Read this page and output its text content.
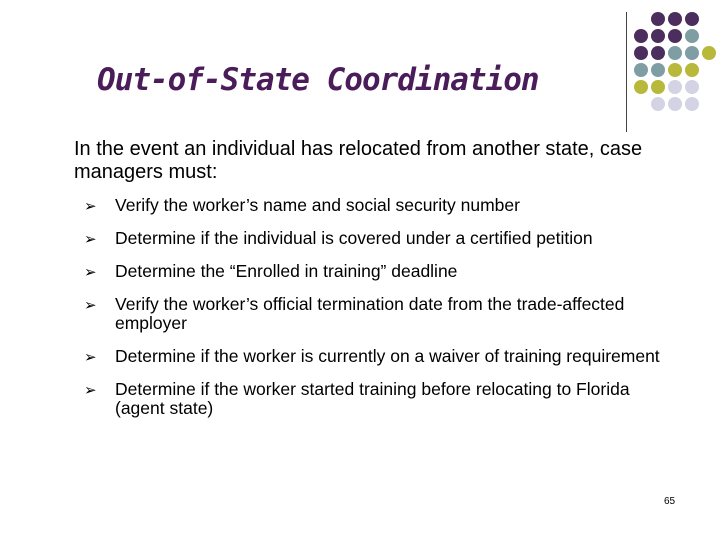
Out-of-State Coordination
In the event an individual has relocated from another state, case managers must:
➢ Verify the worker’s name and social security number
➢ Determine if the individual is covered under a certified petition
➢ Determine the “Enrolled in training” deadline
➢ Verify the worker’s official termination date from the trade-affected employer
➢ Determine if the worker is currently on a waiver of training requirement
➢ Determine if the worker started training before relocating to Florida (agent state)
65
